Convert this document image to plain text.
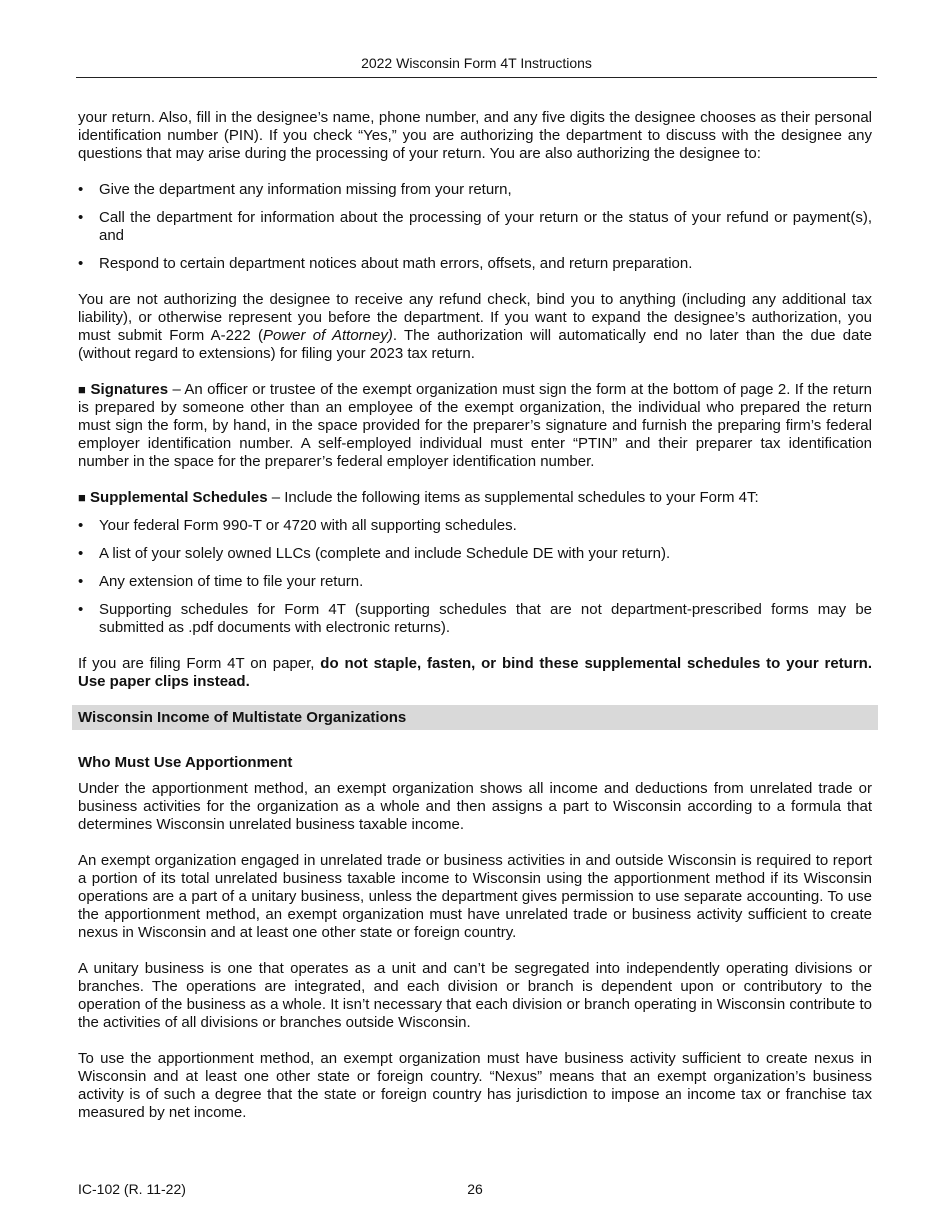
2022 Wisconsin Form 4T Instructions

your return. Also, fill in the designee’s name, phone number, and any five digits the designee chooses as their personal identification number (PIN). If you check “Yes,” you are authorizing the department to discuss with the designee any questions that may arise during the processing of your return. You are also authorizing the designee to:

• Give the department any information missing from your return,
• Call the department for information about the processing of your return or the status of your refund or payment(s), and
• Respond to certain department notices about math errors, offsets, and return preparation.

You are not authorizing the designee to receive any refund check, bind you to anything (including any additional tax liability), or otherwise represent you before the department. If you want to expand the designee’s authorization, you must submit Form A-222 (Power of Attorney). The authorization will automatically end no later than the due date (without regard to extensions) for filing your 2023 tax return.

■ Signatures – An officer or trustee of the exempt organization must sign the form at the bottom of page 2. If the return is prepared by someone other than an employee of the exempt organization, the individual who prepared the return must sign the form, by hand, in the space provided for the preparer’s signature and furnish the preparing firm’s federal employer identification number. A self-employed individual must enter “PTIN” and their preparer tax identification number in the space for the preparer’s federal employer identification number.

■ Supplemental Schedules – Include the following items as supplemental schedules to your Form 4T:

• Your federal Form 990-T or 4720 with all supporting schedules.
• A list of your solely owned LLCs (complete and include Schedule DE with your return).
• Any extension of time to file your return.
• Supporting schedules for Form 4T (supporting schedules that are not department-prescribed forms may be submitted as .pdf documents with electronic returns).

If you are filing Form 4T on paper, do not staple, fasten, or bind these supplemental schedules to your return. Use paper clips instead.

Wisconsin Income of Multistate Organizations
Who Must Use Apportionment

Under the apportionment method, an exempt organization shows all income and deductions from unrelated trade or business activities for the organization as a whole and then assigns a part to Wisconsin according to a formula that determines Wisconsin unrelated business taxable income.

An exempt organization engaged in unrelated trade or business activities in and outside Wisconsin is required to report a portion of its total unrelated business taxable income to Wisconsin using the apportionment method if its Wisconsin operations are a part of a unitary business, unless the department gives permission to use separate accounting. To use the apportionment method, an exempt organization must have unrelated trade or business activity sufficient to create nexus in Wisconsin and at least one other state or foreign country.

A unitary business is one that operates as a unit and can’t be segregated into independently operating divisions or branches. The operations are integrated, and each division or branch is dependent upon or contributory to the operation of the business as a whole. It isn’t necessary that each division or branch operating in Wisconsin contribute to the activities of all divisions or branches outside Wisconsin.

To use the apportionment method, an exempt organization must have business activity sufficient to create nexus in Wisconsin and at least one other state or foreign country. “Nexus” means that an exempt organization’s business activity is of such a degree that the state or foreign country has jurisdiction to impose an income tax or franchise tax measured by net income.

IC-102 (R. 11-22)	26
